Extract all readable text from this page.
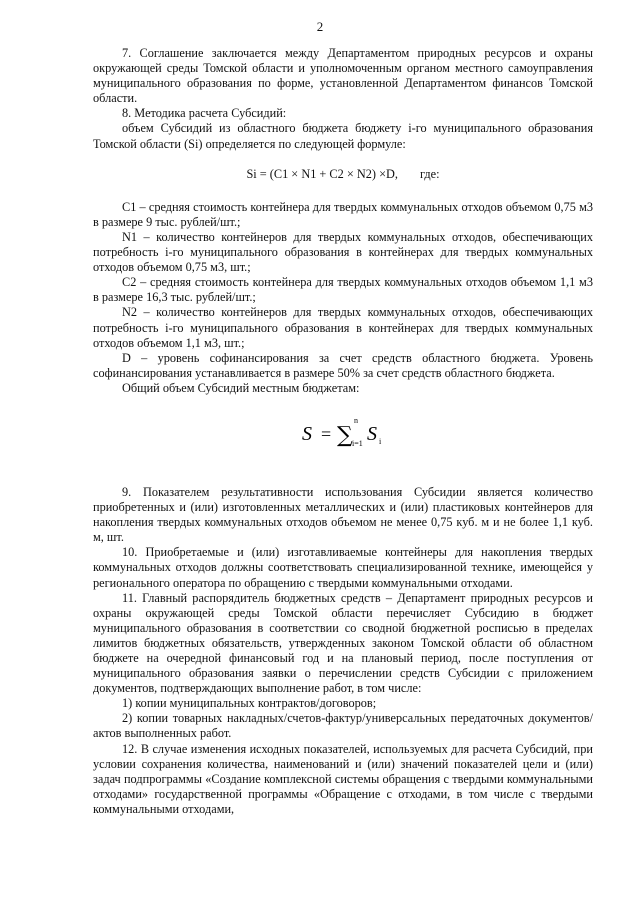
2

7. Соглашение заключается между Департаментом природных ресурсов и охраны окружающей среды Томской области и уполномоченным органом местного самоуправления муниципального образования по форме, установленной Департаментом финансов Томской области.

8. Методика расчета Субсидий:

объем Субсидий из областного бюджета бюджету i-го муниципального образования Томской области (Si) определяется по следующей формуле:

Si = (C1 × N1 + C2 × N2) ×D, где:

C1 – средняя стоимость контейнера для твердых коммунальных отходов объемом 0,75 м3 в размере 9 тыс. рублей/шт.;

N1 – количество контейнеров для твердых коммунальных отходов, обеспечивающих потребность i-го муниципального образования в контейнерах для твердых коммунальных отходов объемом 0,75 м3, шт.;

C2 – средняя стоимость контейнера для твердых коммунальных отходов объемом 1,1 м3 в размере 16,3 тыс. рублей/шт.;

N2 – количество контейнеров для твердых коммунальных отходов, обеспечивающих потребность i-го муниципального образования в контейнерах для твердых коммунальных отходов объемом 1,1 м3, шт.;

D – уровень софинансирования за счет средств областного бюджета. Уровень софинансирования устанавливается в размере 50% за счет средств областного бюджета.

Общий объем Субсидий местным бюджетам:

S = ∑
n
i=1 S i

9. Показателем результативности использования Субсидии является количество приобретенных и (или) изготовленных металлических и (или) пластиковых контейнеров для накопления твердых коммунальных отходов объемом не менее 0,75 куб. м и не более 1,1 куб. м, шт.

10. Приобретаемые и (или) изготавливаемые контейнеры для накопления твердых коммунальных отходов должны соответствовать специализированной технике, имеющейся у регионального оператора по обращению с твердыми коммунальными отходами.

11. Главный распорядитель бюджетных средств – Департамент природных ресурсов и охраны окружающей среды Томской области перечисляет Субсидию в бюджет муниципального образования в соответствии со сводной бюджетной росписью в пределах лимитов бюджетных обязательств, утвержденных законом Томской области об областном бюджете на очередной финансовый год и на плановый период, после поступления от муниципального образования заявки о перечислении средств Субсидии с приложением документов, подтверждающих выполнение работ, в том числе:

1) копии муниципальных контрактов/договоров;

2) копии товарных накладных/счетов-фактур/универсальных передаточных документов/актов выполненных работ.

12. В случае изменения исходных показателей, используемых для расчета Субсидий, при условии сохранения количества, наименований и (или) значений показателей цели и (или) задач подпрограммы «Создание комплексной системы обращения с твердыми коммунальными отходами» государственной программы «Обращение с отходами, в том числе с твердыми коммунальными отходами,
